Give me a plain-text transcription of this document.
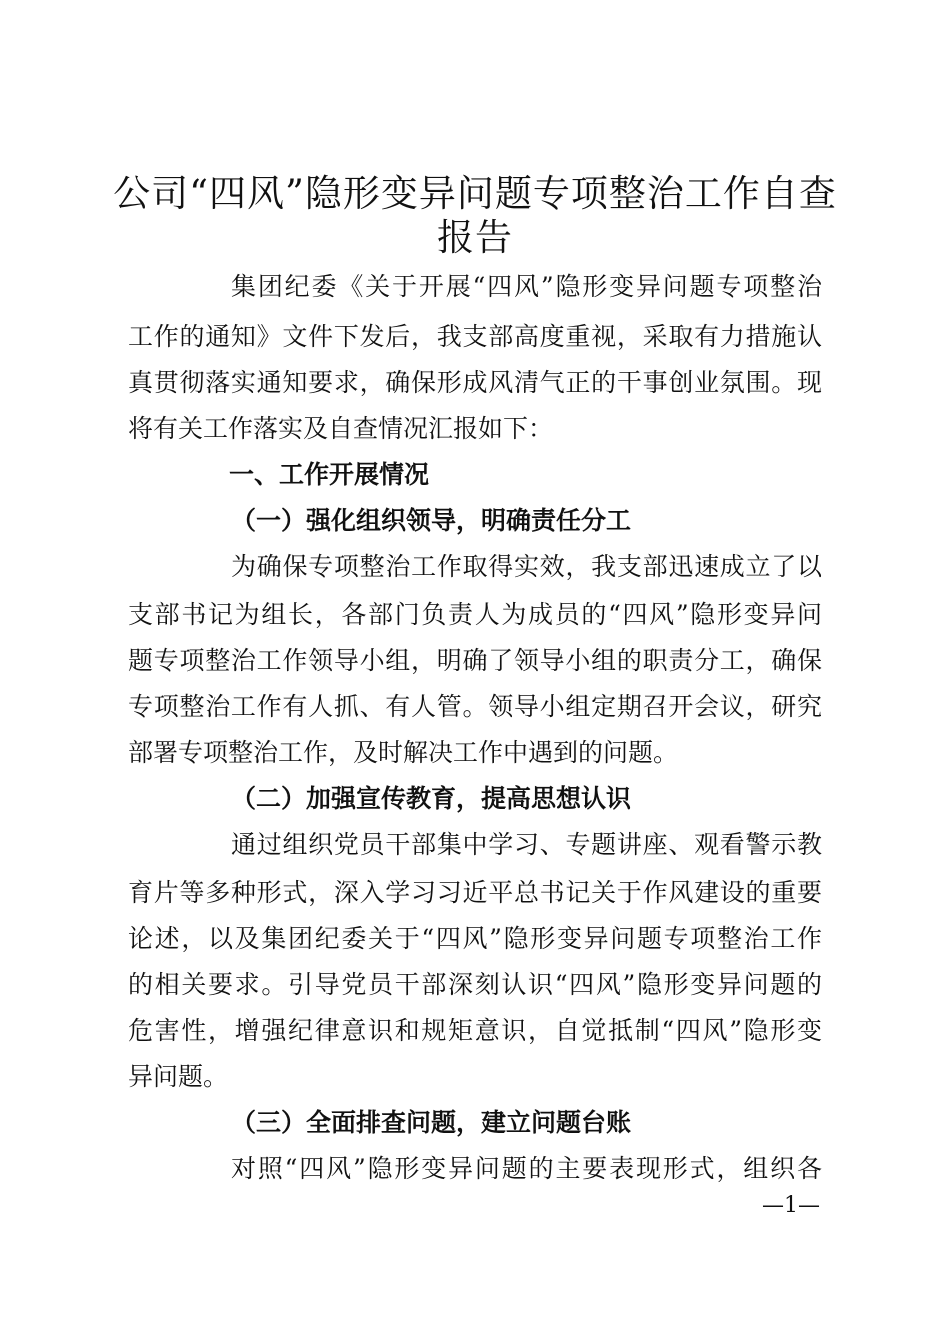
公司“四风”隐形变异问题专项整治工作自查
报告
集团纪委《关于开展“四风”隐形变异问题专项整治
工作的通知》文件下发后，我支部高度重视，采取有力措施认
真贯彻落实通知要求，确保形成风清气正的干事创业氛围。现
将有关工作落实及自查情况汇报如下：
一、工作开展情况
（一）强化组织领导，明确责任分工
为确保专项整治工作取得实效，我支部迅速成立了以
支部书记为组长，各部门负责人为成员的“四风”隐形变异问
题专项整治工作领导小组，明确了领导小组的职责分工，确保
专项整治工作有人抓、有人管。领导小组定期召开会议，研究
部署专项整治工作，及时解决工作中遇到的问题。
（二）加强宣传教育，提高思想认识
通过组织党员干部集中学习、专题讲座、观看警示教
育片等多种形式，深入学习习近平总书记关于作风建设的重要
论述，以及集团纪委关于“四风”隐形变异问题专项整治工作
的相关要求。引导党员干部深刻认识“四风”隐形变异问题的
危害性，增强纪律意识和规矩意识，自觉抵制“四风”隐形变
异问题。
（三）全面排查问题，建立问题台账
对照“四风”隐形变异问题的主要表现形式，组织各
—1—
